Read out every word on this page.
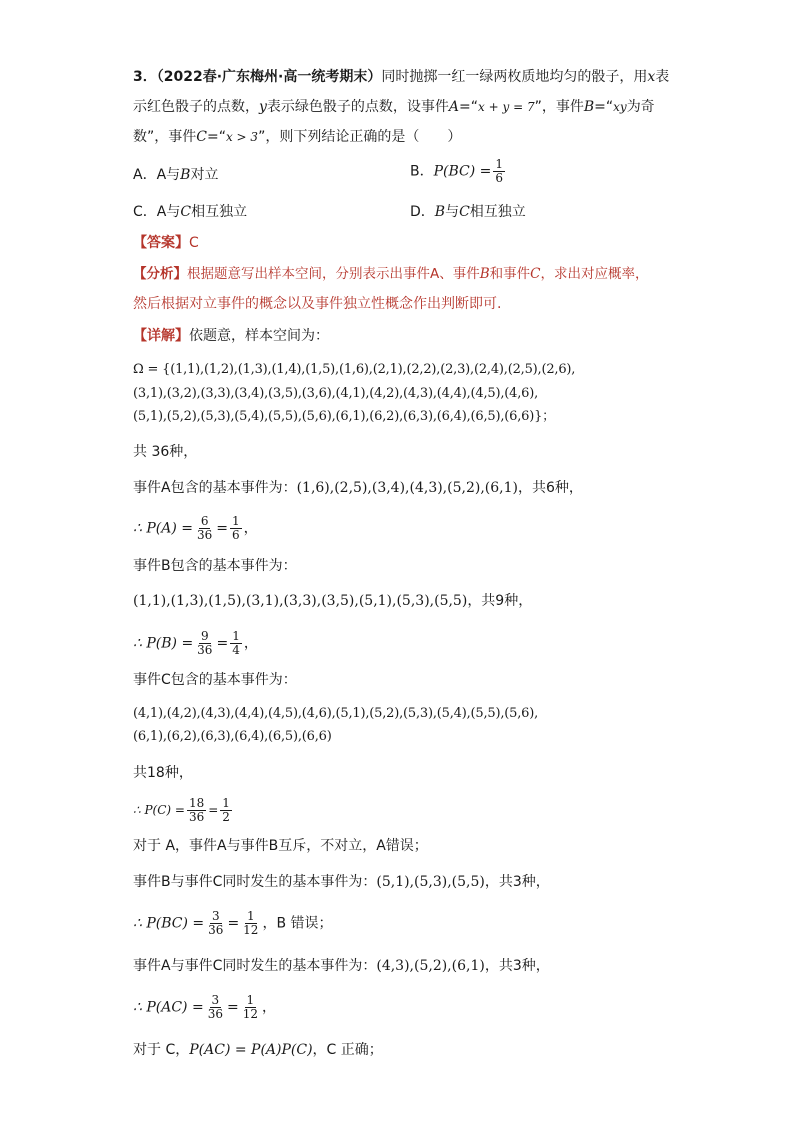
3．（2022春·广东梅州·高一统考期末）同时抛掷一红一绿两枚质地均匀的骰子，用x表
示红色骰子的点数，y表示绿色骰子的点数，设事件A=“x + y = 7”，事件B=“xy为奇
数”，事件C=“x > 3”，则下列结论正确的是（　　）
A．A与B对立	B．$P(BC) = \frac{1}{6}$
C．A与C相互独立	D．B与C相互独立
【答案】C
【分析】根据题意写出样本空间，分别表示出事件A、事件B和事件C，求出对应概率，
然后根据对立事件的概念以及事件独立性概念作出判断即可.
【详解】依题意，样本空间为：
Ω = {(1,1),(1,2),(1,3),(1,4),(1,5),(1,6),(2,1),(2,2),(2,3),(2,4),(2,5),(2,6),
(3,1),(3,2),(3,3),(3,4),(3,5),(3,6),(4,1),(4,2),(4,3),(4,4),(4,5),(4,6),
(5,1),(5,2),(5,3),(5,4),(5,5),(5,6),(6,1),(6,2),(6,3),(6,4),(6,5),(6,6)}；
共 36种，
事件A包含的基本事件为：(1,6),(2,5),(3,4),(4,3),(5,2),(6,1)，共6种，
∴ $P(A) = \frac{6}{36} = \frac{1}{6}$ ，
事件B包含的基本事件为：
(1,1),(1,3),(1,5),(3,1),(3,3),(3,5),(5,1),(5,3),(5,5)，共9种，
∴ $P(B) = \frac{9}{36} = \frac{1}{4}$ ，
事件C包含的基本事件为：
(4,1),(4,2),(4,3),(4,4),(4,5),(4,6),(5,1),(5,2),(5,3),(5,4),(5,5),(5,6),
(6,1),(6,2),(6,3),(6,4),(6,5),(6,6)
共18种，
∴ $P(C) = \frac{18}{36} = \frac{1}{2}$
对于 A，事件A与事件B互斥，不对立，A错误；
事件B与事件C同时发生的基本事件为：(5,1),(5,3),(5,5)，共3种，
∴ $P(BC) = \frac{3}{36} = \frac{1}{12}$ ，B 错误；
事件A与事件C同时发生的基本事件为：(4,3),(5,2),(6,1)，共3种，
∴ $P(AC) = \frac{3}{36} = \frac{1}{12}$ ，
对于 C，P(AC) = P(A)P(C)，C 正确；
